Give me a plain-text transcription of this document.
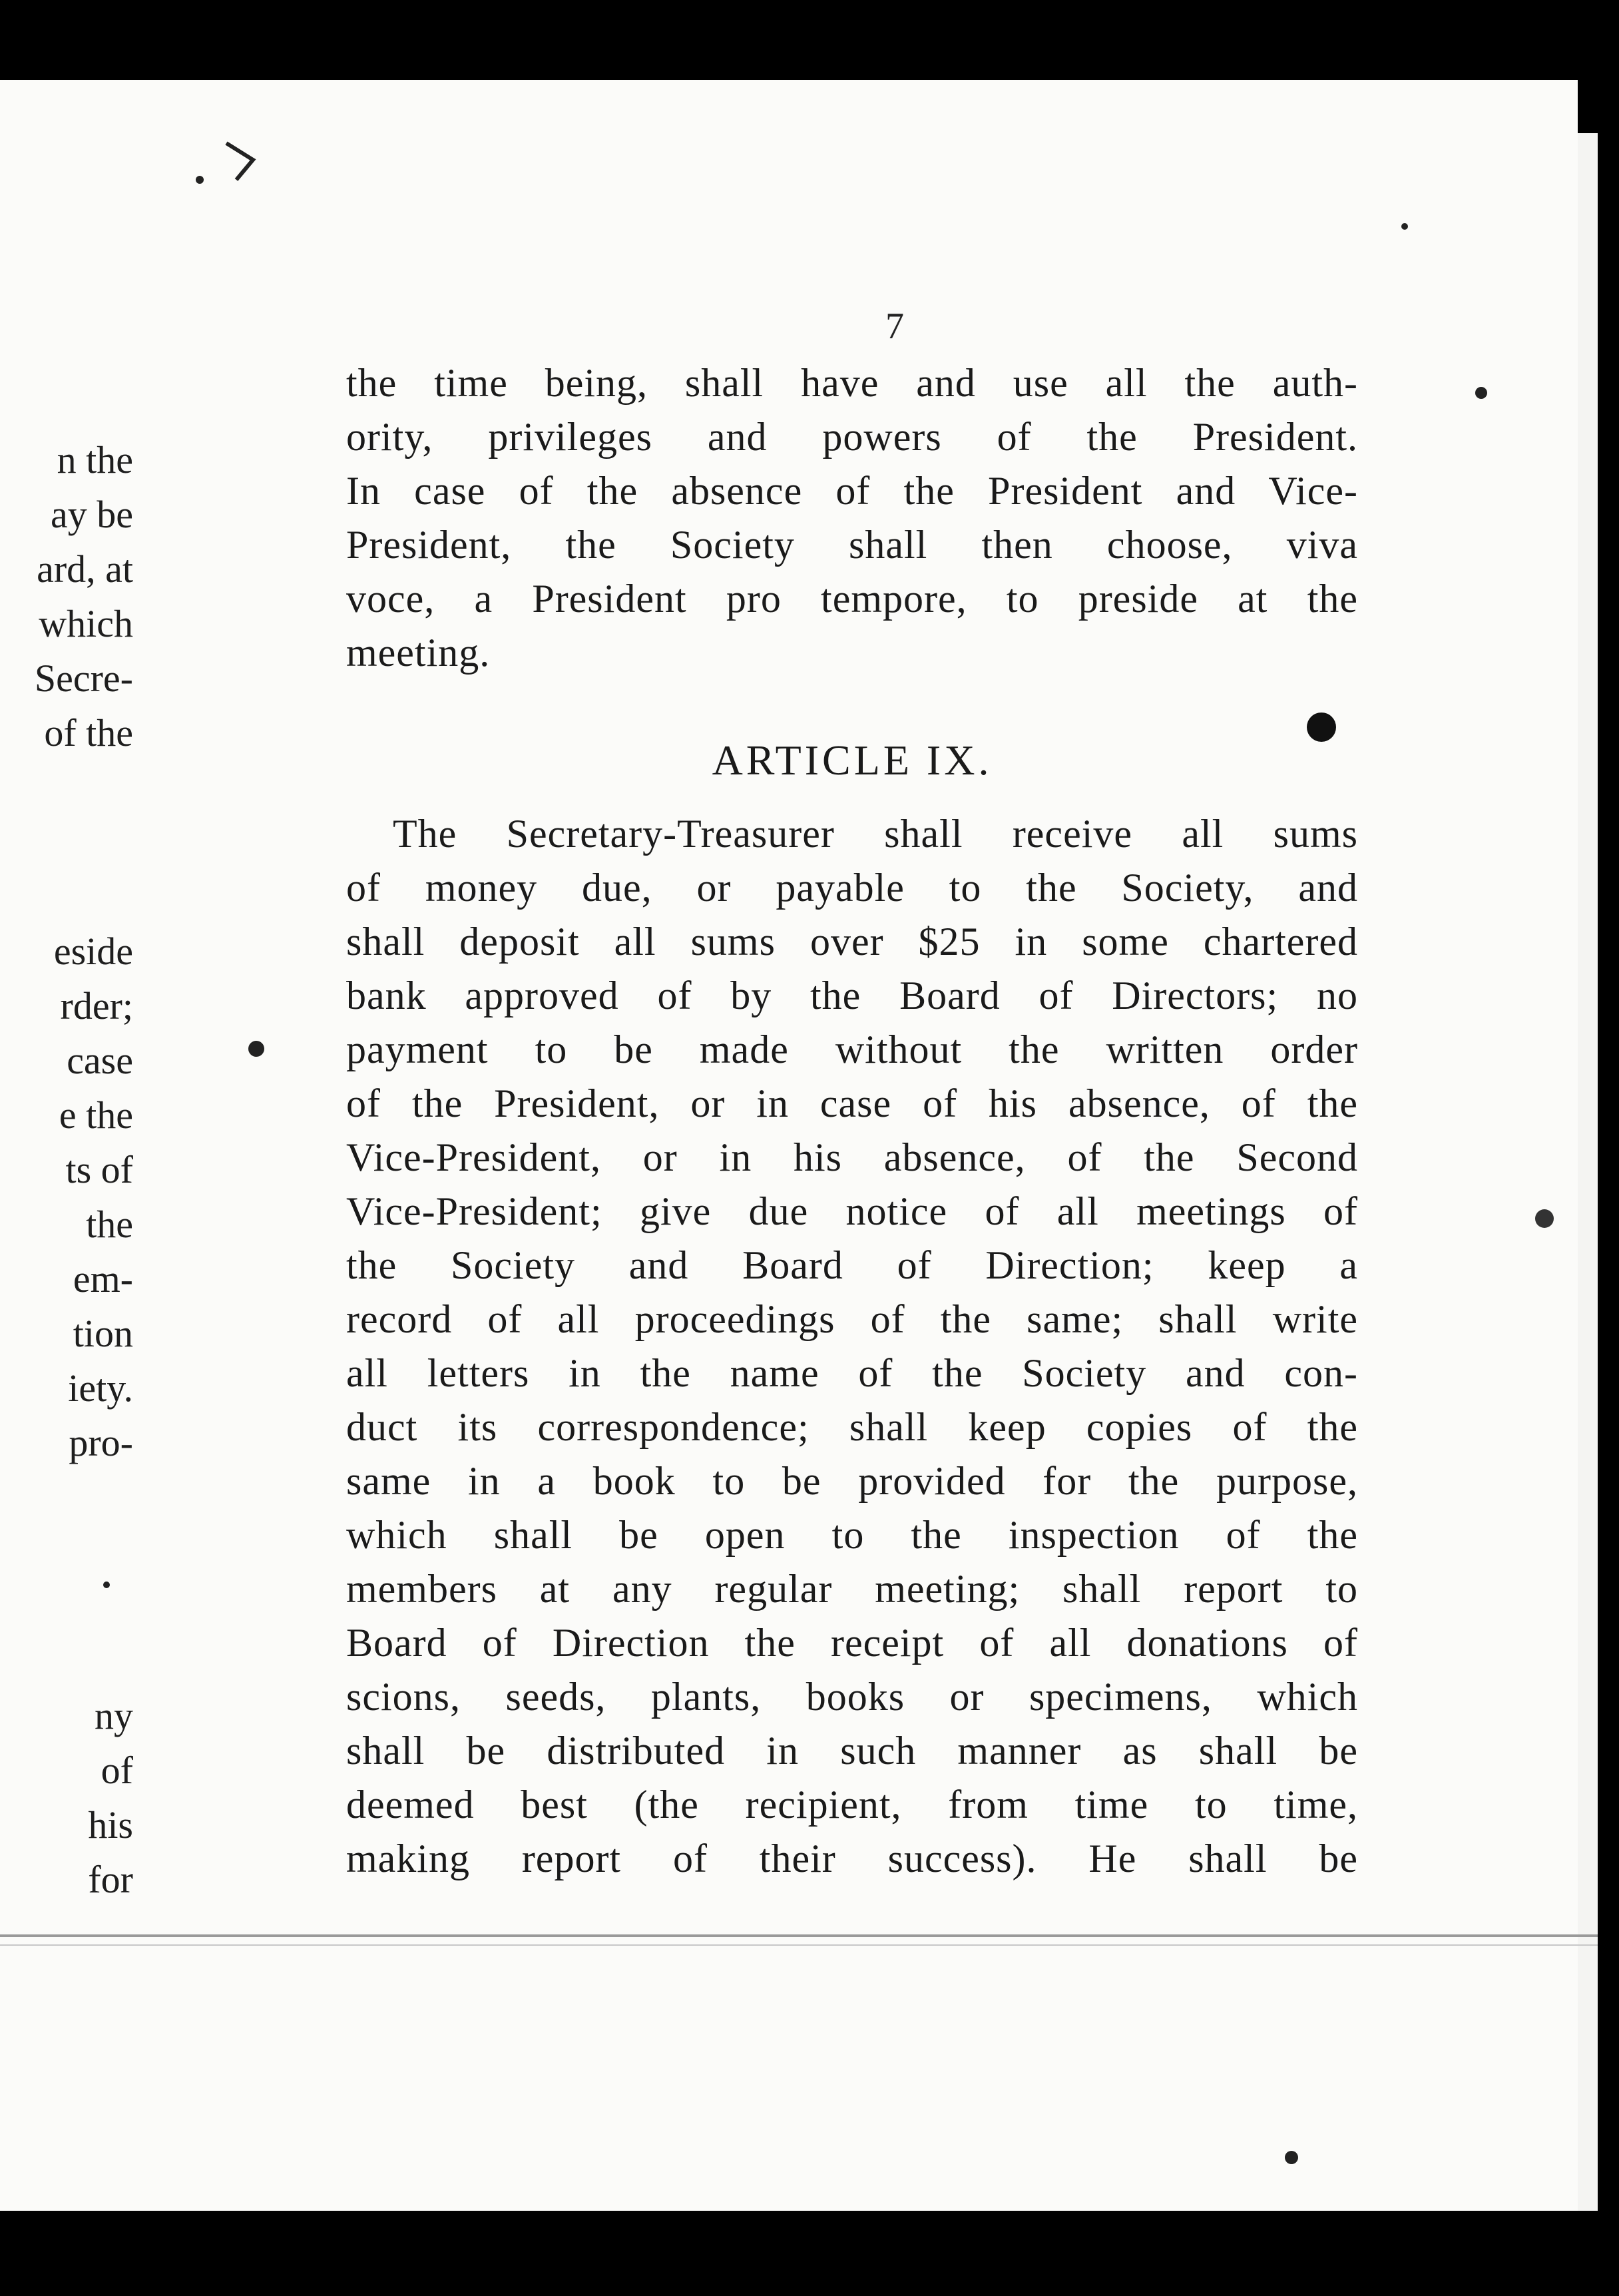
7
n the
ay be
ard, at
which
Secre-
of the

eside
rder;
case
e the
ts of
the
em-
tion
iety.
pro-

ny
of
his
for
the time being, shall have and use all the auth-
ority, privileges and powers of the President.
In case of the absence of the President and Vice-
President, the Society shall then choose, viva
voce, a President pro tempore, to preside at the
meeting.
ARTICLE IX.
The Secretary-Treasurer shall receive all sums
of money due, or payable to the Society, and
shall deposit all sums over $25 in some chartered
bank approved of by the Board of Directors; no
payment to be made without the written order
of the President, or in case of his absence, of the
Vice-President, or in his absence, of the Second
Vice-President; give due notice of all meetings of
the Society and Board of Direction; keep a
record of all proceedings of the same; shall write
all letters in the name of the Society and con-
duct its correspondence; shall keep copies of the
same in a book to be provided for the purpose,
which shall be open to the inspection of the
members at any regular meeting; shall report to
Board of Direction the receipt of all donations of
scions, seeds, plants, books or specimens, which
shall be distributed in such manner as shall be
deemed best (the recipient, from time to time,
making report of their success). He shall be
